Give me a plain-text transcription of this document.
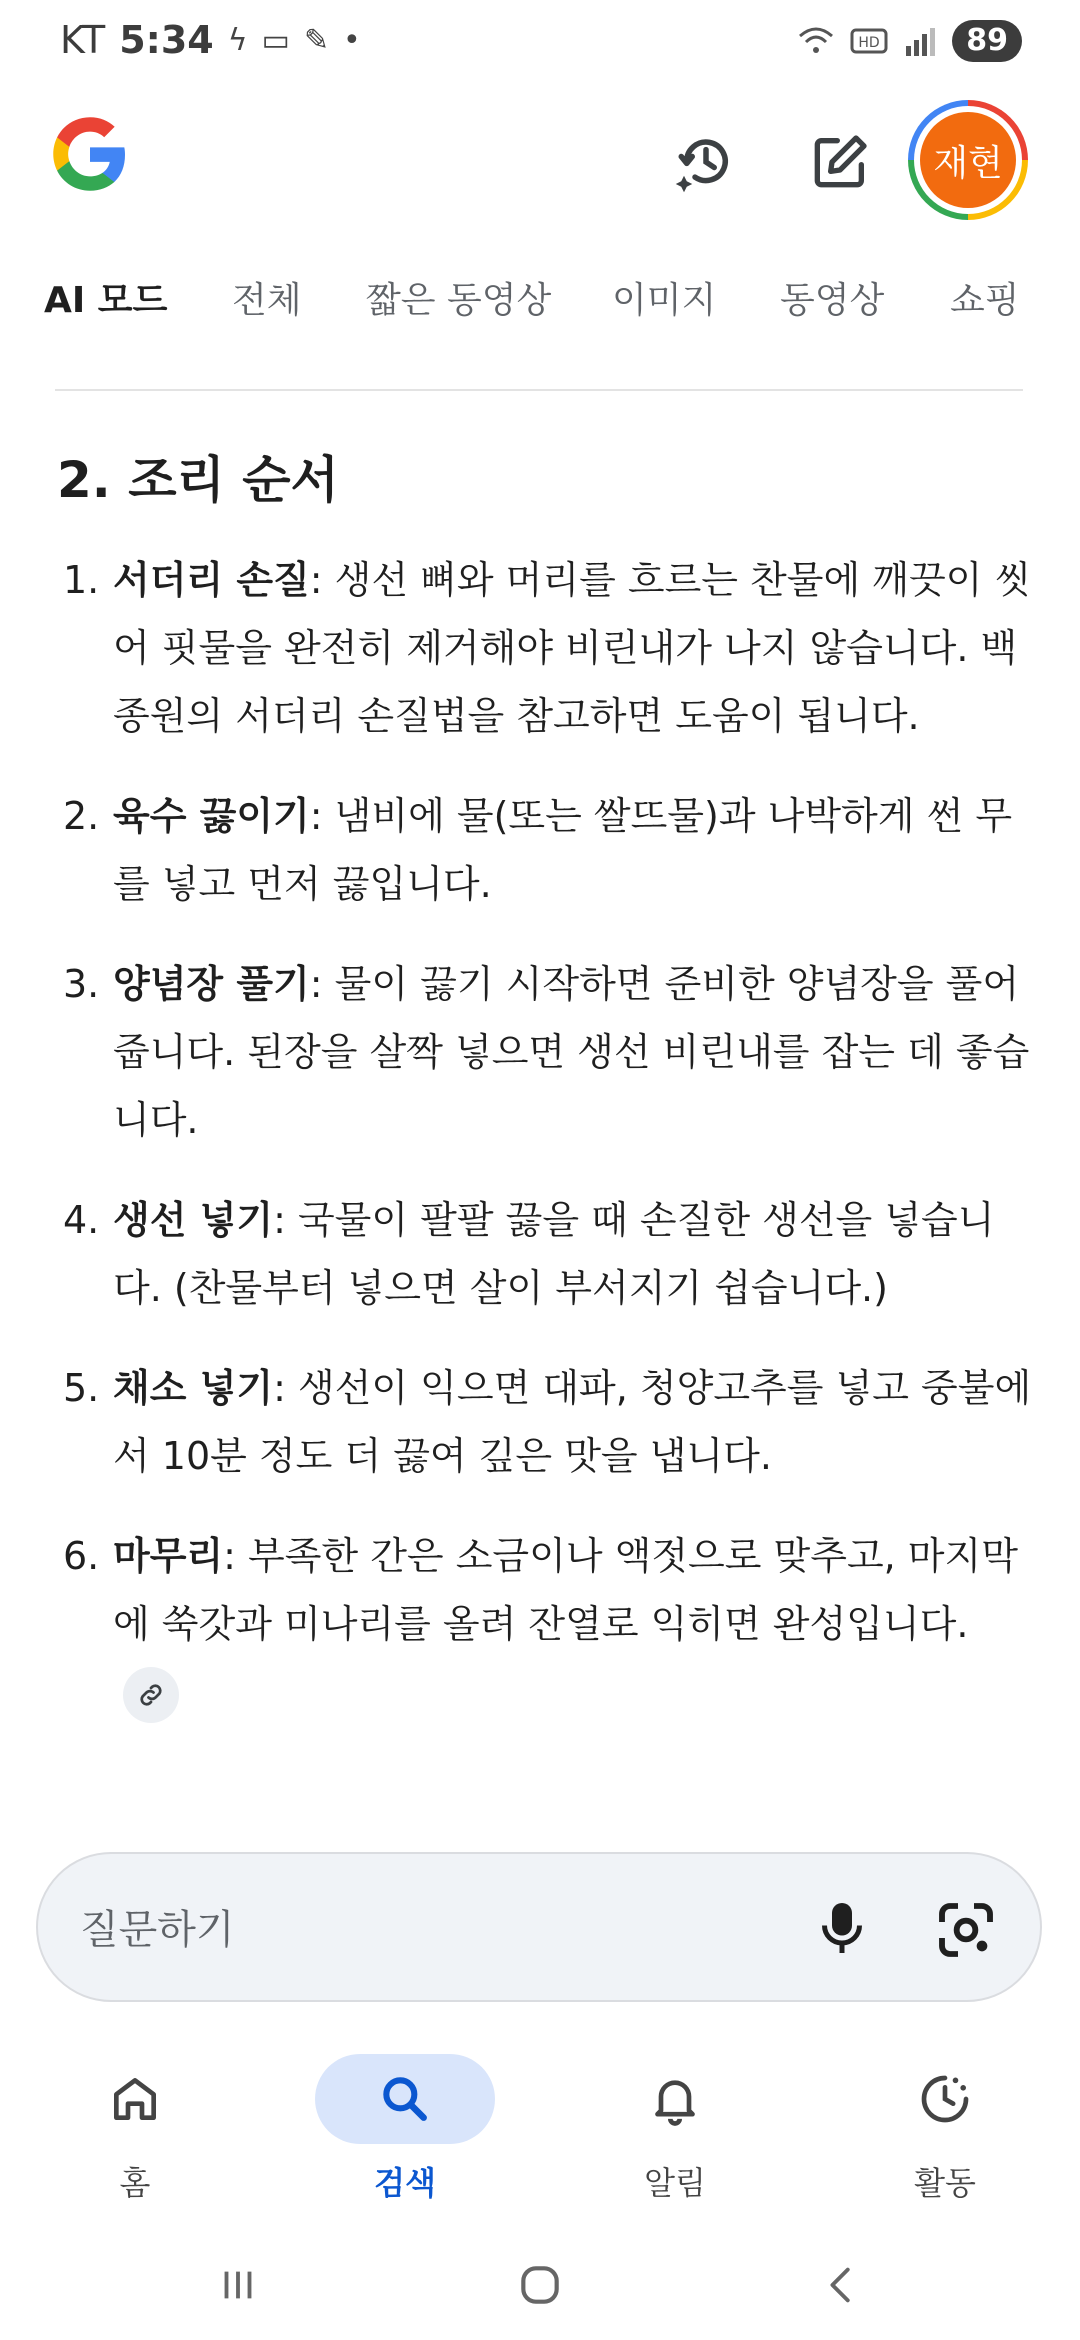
KT 5:34 ϟ ▭ ✎ •	HD	89
재현
AI 모드 전체 짧은 동영상 이미지 동영상 쇼핑
2. 조리 순서
1. 서더리 손질: 생선 뼈와 머리를 흐르는 찬물에 깨끗이 씻어 핏물을 완전히 제거해야 비린내가 나지 않습니다. 백종원의 서더리 손질법을 참고하면 도움이 됩니다.
2. 육수 끓이기: 냄비에 물(또는 쌀뜨물)과 나박하게 썬 무를 넣고 먼저 끓입니다.
3. 양념장 풀기: 물이 끓기 시작하면 준비한 양념장을 풀어줍니다. 된장을 살짝 넣으면 생선 비린내를 잡는 데 좋습니다.
4. 생선 넣기: 국물이 팔팔 끓을 때 손질한 생선을 넣습니다. (찬물부터 넣으면 살이 부서지기 쉽습니다.)
5. 채소 넣기: 생선이 익으면 대파, 청양고추를 넣고 중불에서 10분 정도 더 끓여 깊은 맛을 냅니다.
6. 마무리: 부족한 간은 소금이나 액젓으로 맞추고, 마지막에 쑥갓과 미나리를 올려 잔열로 익히면 완성입니다.
질문하기
홈	검색	알림	활동
